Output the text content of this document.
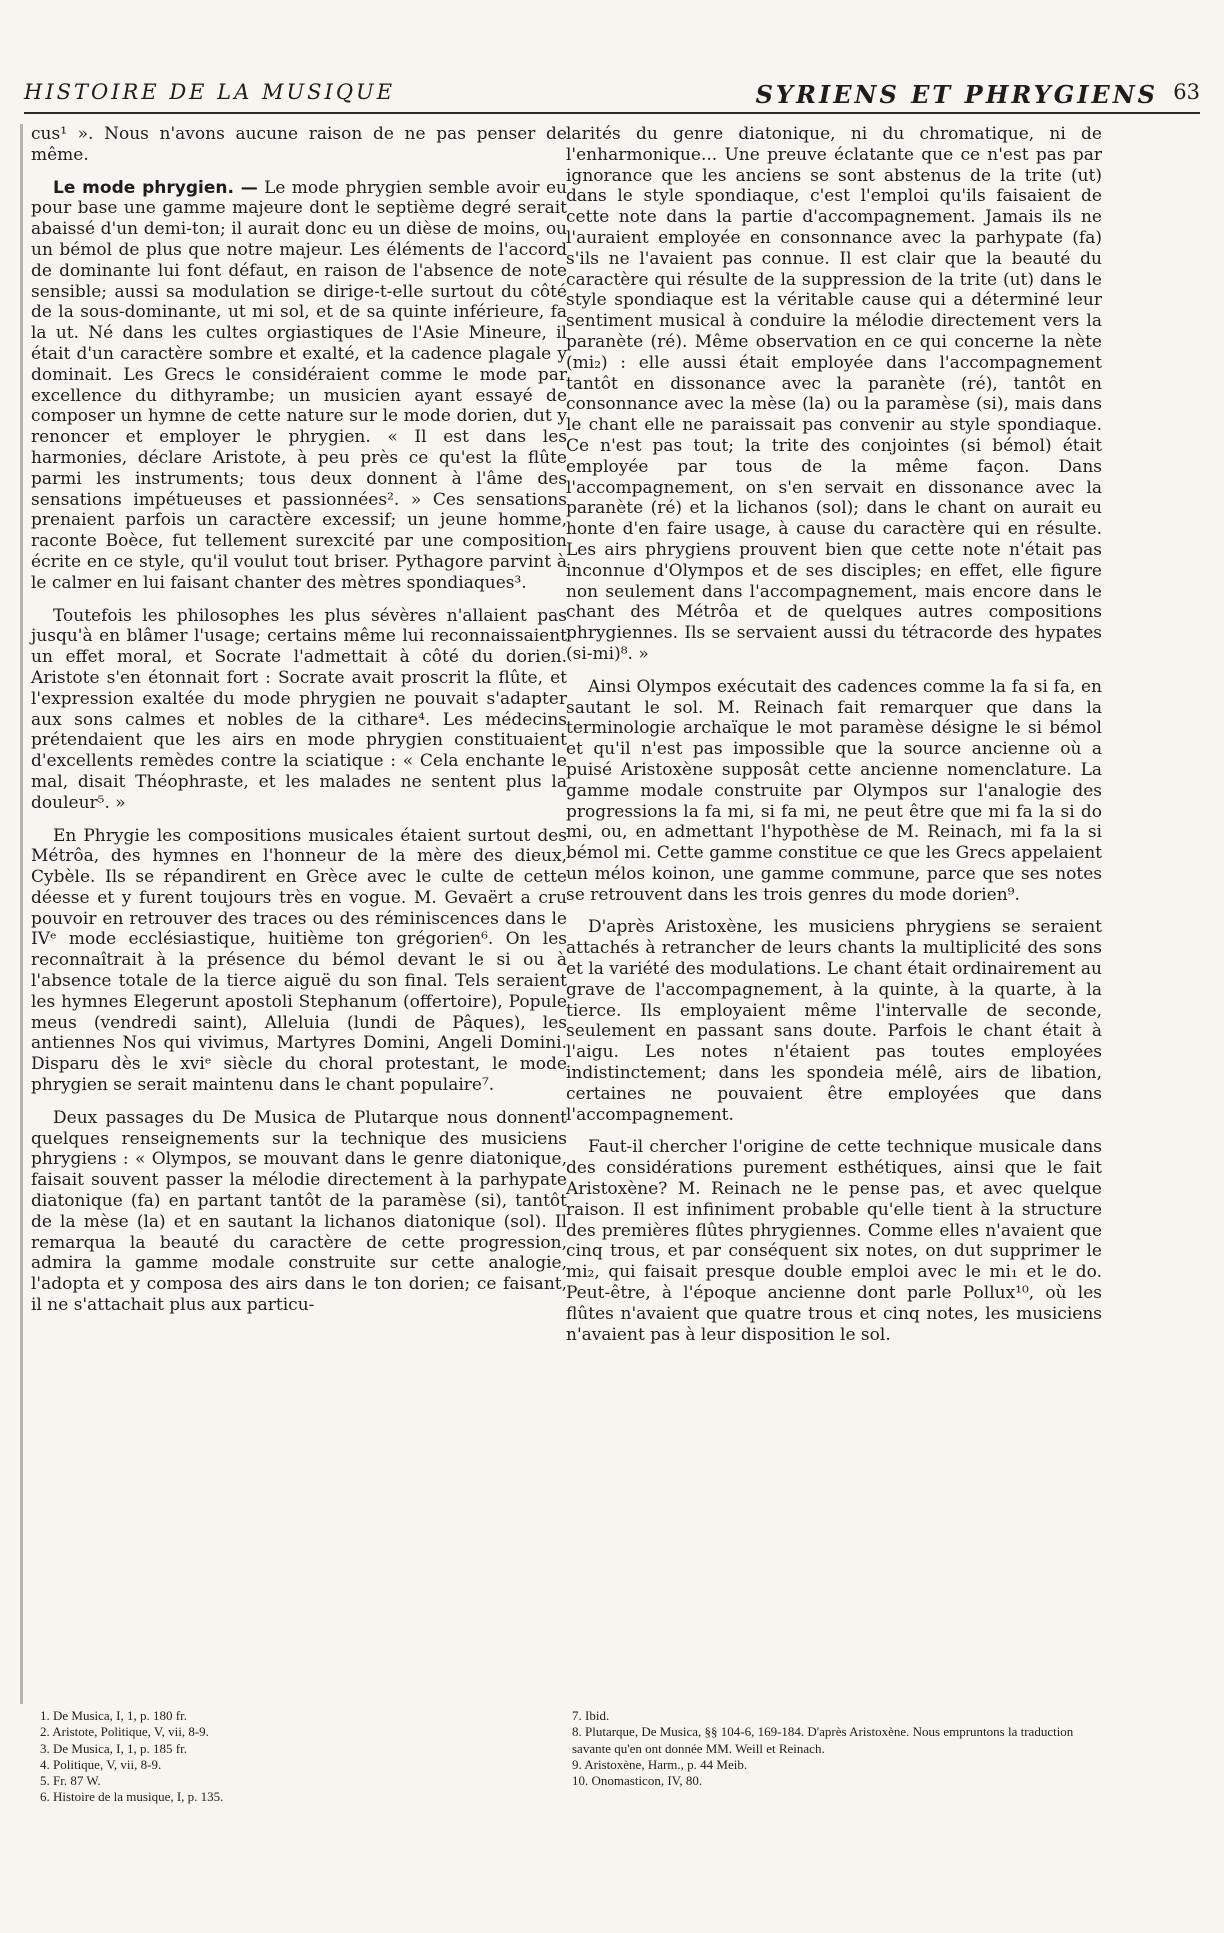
HISTOIRE DE LA MUSIQUE	SYRIENS ET PHRYGIENS 63

cus¹ ». Nous n'avons aucune raison de ne pas penser de même.

Le mode phrygien. — Le mode phrygien semble avoir eu pour base une gamme majeure dont le septième degré serait abaissé d'un demi-ton; il aurait donc eu un dièse de moins, ou un bémol de plus que notre majeur. Les éléments de l'accord de dominante lui font défaut, en raison de l'absence de note sensible; aussi sa modulation se dirige-t-elle surtout du côté de la sous-dominante, ut mi sol, et de sa quinte inférieure, fa la ut. Né dans les cultes orgiastiques de l'Asie Mineure, il était d'un caractère sombre et exalté, et la cadence plagale y dominait. Les Grecs le considéraient comme le mode par excellence du dithyrambe; un musicien ayant essayé de composer un hymne de cette nature sur le mode dorien, dut y renoncer et employer le phrygien. « Il est dans les harmonies, déclare Aristote, à peu près ce qu'est la flûte parmi les instruments; tous deux donnent à l'âme des sensations impétueuses et passionnées². » Ces sensations prenaient parfois un caractère excessif; un jeune homme, raconte Boèce, fut tellement surexcité par une composition écrite en ce style, qu'il voulut tout briser. Pythagore parvint à le calmer en lui faisant chanter des mètres spondiaques³.

Toutefois les philosophes les plus sévères n'allaient pas jusqu'à en blâmer l'usage; certains même lui reconnaissaient un effet moral, et Socrate l'admettait à côté du dorien. Aristote s'en étonnait fort : Socrate avait proscrit la flûte, et l'expression exaltée du mode phrygien ne pouvait s'adapter aux sons calmes et nobles de la cithare⁴. Les médecins prétendaient que les airs en mode phrygien constituaient d'excellents remèdes contre la sciatique : « Cela enchante le mal, disait Théophraste, et les malades ne sentent plus la douleur⁵. »

En Phrygie les compositions musicales étaient surtout des Métrôa, des hymnes en l'honneur de la mère des dieux, Cybèle. Ils se répandirent en Grèce avec le culte de cette déesse et y furent toujours très en vogue. M. Gevaërt a cru pouvoir en retrouver des traces ou des réminiscences dans le IVᵉ mode ecclésiastique, huitième ton grégorien⁶. On les reconnaîtrait à la présence du bémol devant le si ou à l'absence totale de la tierce aiguë du son final. Tels seraient les hymnes Elegerunt apostoli Stephanum (offertoire), Popule meus (vendredi saint), Alleluia (lundi de Pâques), les antiennes Nos qui vivimus, Martyres Domini, Angeli Domini. Disparu dès le xviᵉ siècle du choral protestant, le mode phrygien se serait maintenu dans le chant populaire⁷.

Deux passages du De Musica de Plutarque nous donnent quelques renseignements sur la technique des musiciens phrygiens : « Olympos, se mouvant dans le genre diatonique, faisait souvent passer la mélodie directement à la parhypate diatonique (fa) en partant tantôt de la paramèse (si), tantôt de la mèse (la) et en sautant la lichanos diatonique (sol). Il remarqua la beauté du caractère de cette progression, admira la gamme modale construite sur cette analogie, l'adopta et y composa des airs dans le ton dorien; ce faisant, il ne s'attachait plus aux particu-

larités du genre diatonique, ni du chromatique, ni de l'enharmonique... Une preuve éclatante que ce n'est pas par ignorance que les anciens se sont abstenus de la trite (ut) dans le style spondiaque, c'est l'emploi qu'ils faisaient de cette note dans la partie d'accompagnement. Jamais ils ne l'auraient employée en consonnance avec la parhypate (fa) s'ils ne l'avaient pas connue. Il est clair que la beauté du caractère qui résulte de la suppression de la trite (ut) dans le style spondiaque est la véritable cause qui a déterminé leur sentiment musical à conduire la mélodie directement vers la paranète (ré). Même observation en ce qui concerne la nète (mi₂) : elle aussi était employée dans l'accompagnement tantôt en dissonance avec la paranète (ré), tantôt en consonnance avec la mèse (la) ou la paramèse (si), mais dans le chant elle ne paraissait pas convenir au style spondiaque. Ce n'est pas tout; la trite des conjointes (si bémol) était employée par tous de la même façon. Dans l'accompagnement, on s'en servait en dissonance avec la paranète (ré) et la lichanos (sol); dans le chant on aurait eu honte d'en faire usage, à cause du caractère qui en résulte. Les airs phrygiens prouvent bien que cette note n'était pas inconnue d'Olympos et de ses disciples; en effet, elle figure non seulement dans l'accompagnement, mais encore dans le chant des Métrôa et de quelques autres compositions phrygiennes. Ils se servaient aussi du tétracorde des hypates (si-mi)⁸. »

Ainsi Olympos exécutait des cadences comme la fa si fa, en sautant le sol. M. Reinach fait remarquer que dans la terminologie archaïque le mot paramèse désigne le si bémol et qu'il n'est pas impossible que la source ancienne où a puisé Aristoxène supposât cette ancienne nomenclature. La gamme modale construite par Olympos sur l'analogie des progressions la fa mi, si fa mi, ne peut être que mi fa la si do mi, ou, en admettant l'hypothèse de M. Reinach, mi fa la si bémol mi. Cette gamme constitue ce que les Grecs appelaient un mélos koinon, une gamme commune, parce que ses notes se retrouvent dans les trois genres du mode dorien⁹.

D'après Aristoxène, les musiciens phrygiens se seraient attachés à retrancher de leurs chants la multiplicité des sons et la variété des modulations. Le chant était ordinairement au grave de l'accompagnement, à la quinte, à la quarte, à la tierce. Ils employaient même l'intervalle de seconde, seulement en passant sans doute. Parfois le chant était à l'aigu. Les notes n'étaient pas toutes employées indistinctement; dans les spondeia mélê, airs de libation, certaines ne pouvaient être employées que dans l'accompagnement.

Faut-il chercher l'origine de cette technique musicale dans des considérations purement esthétiques, ainsi que le fait Aristoxène? M. Reinach ne le pense pas, et avec quelque raison. Il est infiniment probable qu'elle tient à la structure des premières flûtes phrygiennes. Comme elles n'avaient que cinq trous, et par conséquent six notes, on dut supprimer le mi₂, qui faisait presque double emploi avec le mi₁ et le do. Peut-être, à l'époque ancienne dont parle Pollux¹⁰, où les flûtes n'avaient que quatre trous et cinq notes, les musiciens n'avaient pas à leur disposition le sol.

1. De Musica, I, 1, p. 180 fr.
2. Aristote, Politique, V, vii, 8-9.
3. De Musica, I, 1, p. 185 fr.
4. Politique, V, vii, 8-9.
5. Fr. 87 W.
6. Histoire de la musique, I, p. 135.
7. Ibid.
8. Plutarque, De Musica, §§ 104-6, 169-184. D'après Aristoxène. Nous empruntons la traduction savante qu'en ont donnée MM. Weill et Reinach.
9. Aristoxène, Harm., p. 44 Meib.
10. Onomasticon, IV, 80.
